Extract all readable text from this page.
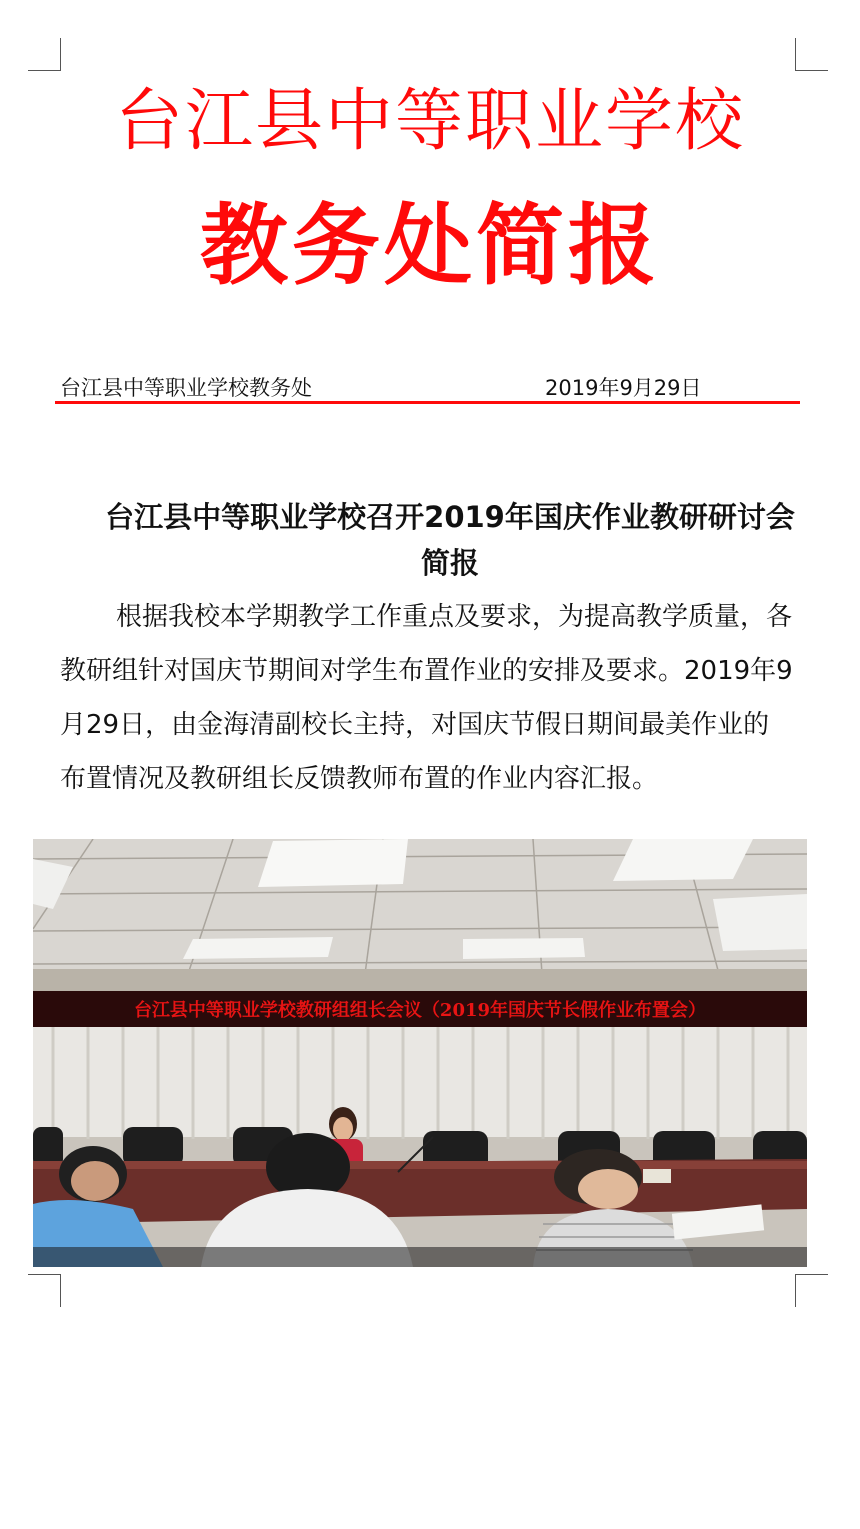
台江县中等职业学校
教务处简报
台江县中等职业学校教务处	2019年9月29日
台江县中等职业学校召开2019年国庆作业教研研讨会简报
根据我校本学期教学工作重点及要求，为提高教学质量，各教研组针对国庆节期间对学生布置作业的安排及要求。2019年9月29日，由金海清副校长主持，对国庆节假日期间最美作业的布置情况及教研组长反馈教师布置的作业内容汇报。
台江县中等职业学校教研组组长会议（2019年国庆节长假作业布置会）
